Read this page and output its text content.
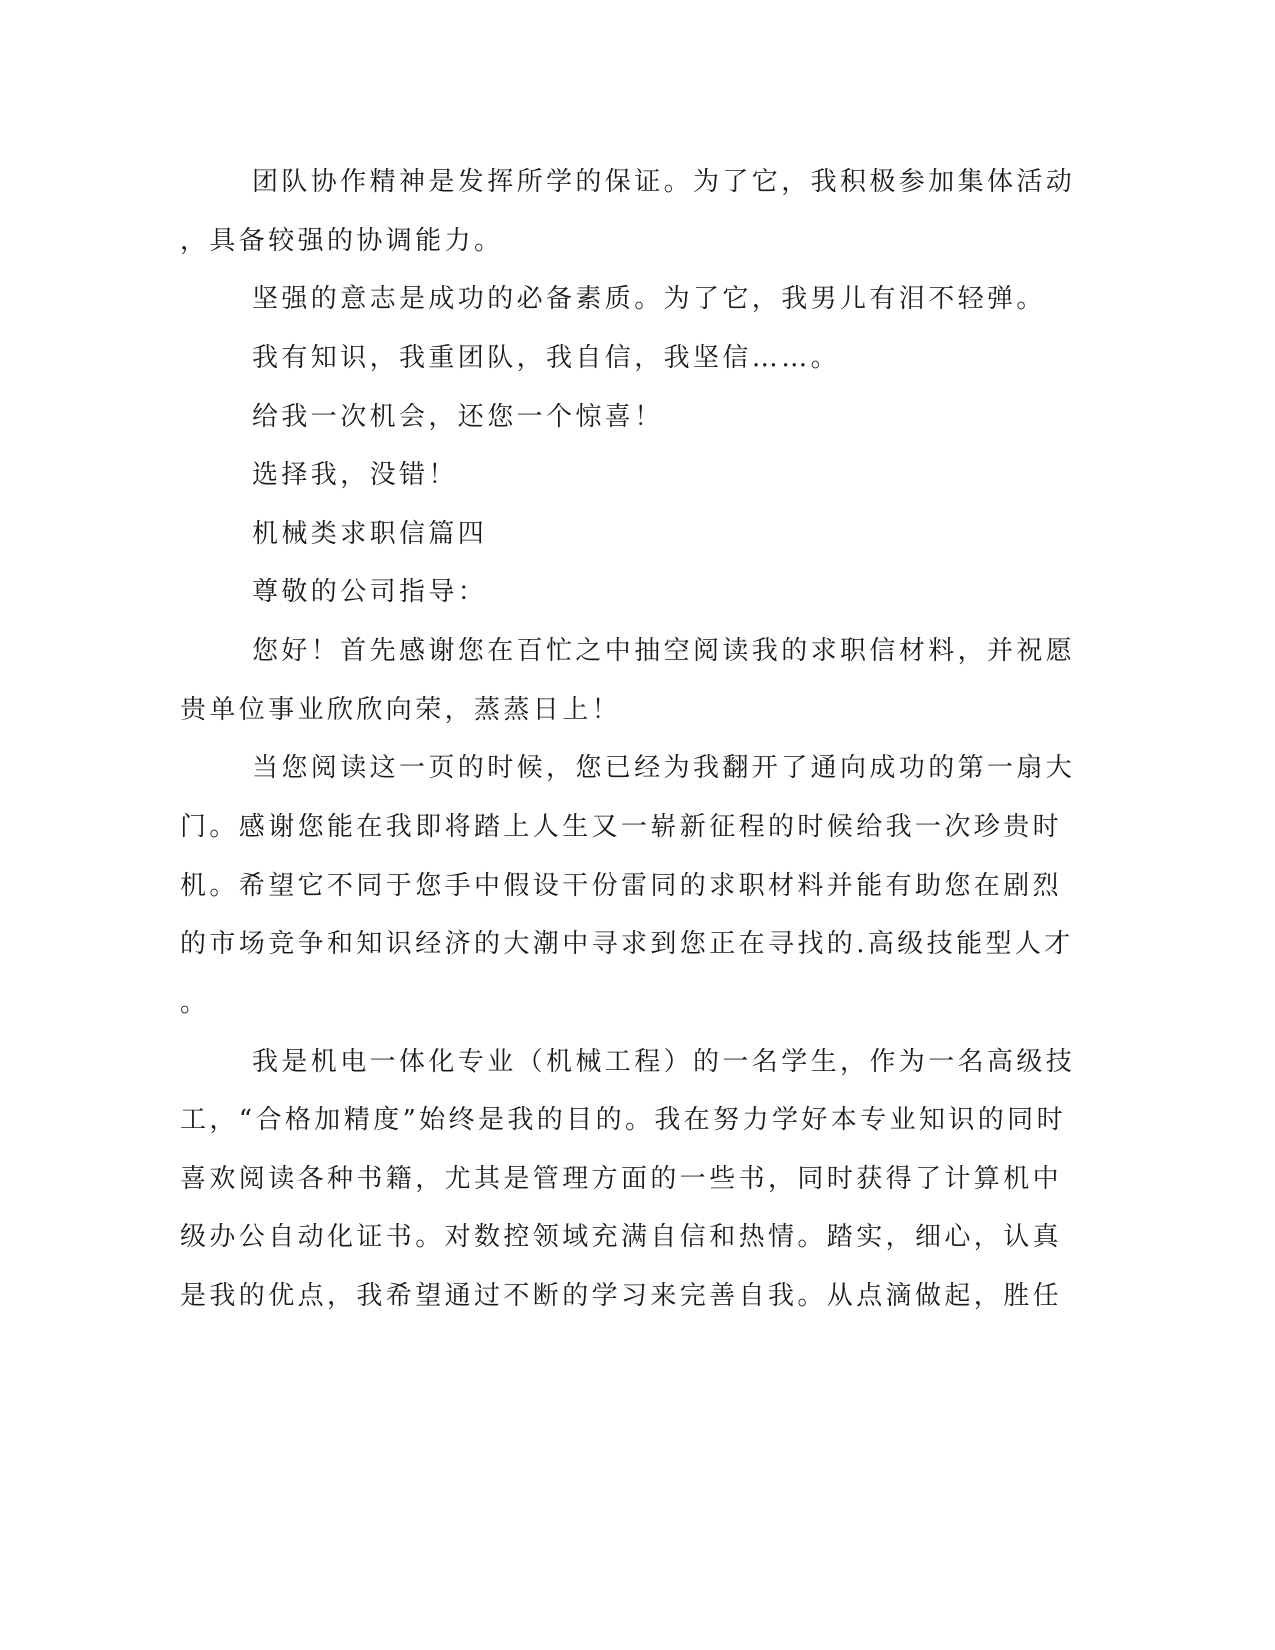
团队协作精神是发挥所学的保证。为了它，我积极参加集体活动
，具备较强的协调能力。
坚强的意志是成功的必备素质。为了它，我男儿有泪不轻弹。
我有知识，我重团队，我自信，我坚信……。
给我一次机会，还您一个惊喜！
选择我，没错！
机械类求职信篇四
尊敬的公司指导：
您好！首先感谢您在百忙之中抽空阅读我的求职信材料，并祝愿
贵单位事业欣欣向荣，蒸蒸日上！
当您阅读这一页的时候，您已经为我翻开了通向成功的第一扇大
门。感谢您能在我即将踏上人生又一崭新征程的时候给我一次珍贵时
机。希望它不同于您手中假设干份雷同的求职材料并能有助您在剧烈
的市场竞争和知识经济的大潮中寻求到您正在寻找的.高级技能型人才
。
我是机电一体化专业（机械工程）的一名学生，作为一名高级技
工，“合格加精度”始终是我的目的。我在努力学好本专业知识的同时
喜欢阅读各种书籍，尤其是管理方面的一些书，同时获得了计算机中
级办公自动化证书。对数控领域充满自信和热情。踏实，细心，认真
是我的优点，我希望通过不断的学习来完善自我。从点滴做起，胜任
